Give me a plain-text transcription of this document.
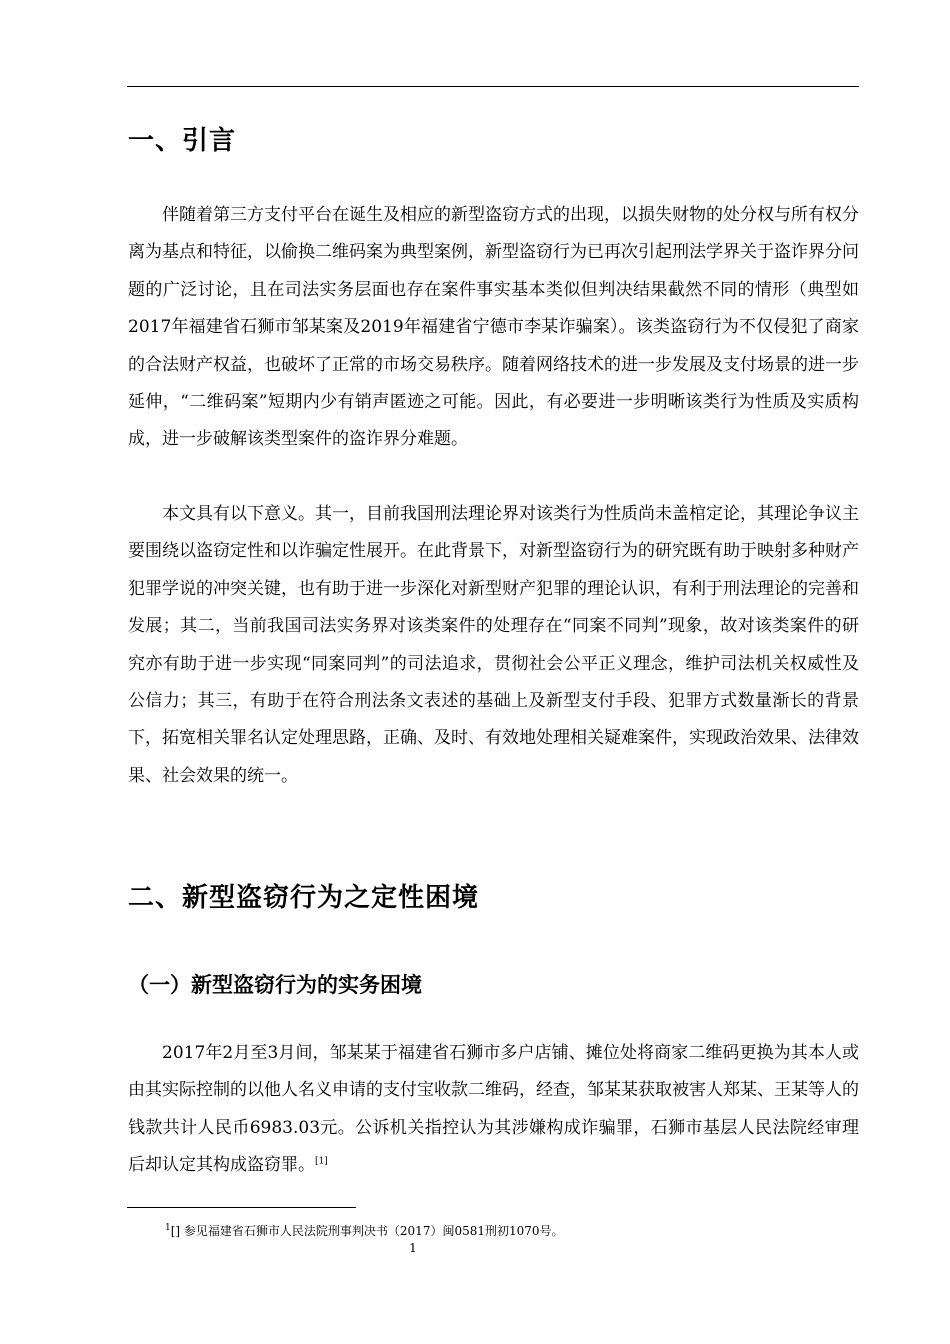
一、引言

伴随着第三方支付平台在诞生及相应的新型盗窃方式的出现，以损失财物的处分权与所有权分离为基点和特征，以偷换二维码案为典型案例，新型盗窃行为已再次引起刑法学界关于盗诈界分问题的广泛讨论，且在司法实务层面也存在案件事实基本类似但判决结果截然不同的情形（典型如2017年福建省石狮市邹某案及2019年福建省宁德市李某诈骗案）。该类盗窃行为不仅侵犯了商家的合法财产权益，也破坏了正常的市场交易秩序。随着网络技术的进一步发展及支付场景的进一步延伸，“二维码案”短期内少有销声匿迹之可能。因此，有必要进一步明晰该类行为性质及实质构成，进一步破解该类型案件的盗诈界分难题。

本文具有以下意义。其一，目前我国刑法理论界对该类行为性质尚未盖棺定论，其理论争议主要围绕以盗窃定性和以诈骗定性展开。在此背景下，对新型盗窃行为的研究既有助于映射多种财产犯罪学说的冲突关键，也有助于进一步深化对新型财产犯罪的理论认识，有利于刑法理论的完善和发展；其二，当前我国司法实务界对该类案件的处理存在“同案不同判”现象，故对该类案件的研究亦有助于进一步实现“同案同判”的司法追求，贯彻社会公平正义理念，维护司法机关权威性及公信力；其三，有助于在符合刑法条文表述的基础上及新型支付手段、犯罪方式数量渐长的背景下，拓宽相关罪名认定处理思路，正确、及时、有效地处理相关疑难案件，实现政治效果、法律效果、社会效果的统一。

二、新型盗窃行为之定性困境
（一）新型盗窃行为的实务困境

2017年2月至3月间，邹某某于福建省石狮市多户店铺、摊位处将商家二维码更换为其本人或由其实际控制的以他人名义申请的支付宝收款二维码，经查，邹某某获取被害人郑某、王某等人的钱款共计人民币6983.03元。公诉机关指控认为其涉嫌构成诈骗罪，石狮市基层人民法院经审理后却认定其构成盗窃罪。[1]

$^1$[] 参见福建省石狮市人民法院刑事判决书（2017）闽0581刑初1070号。

1
